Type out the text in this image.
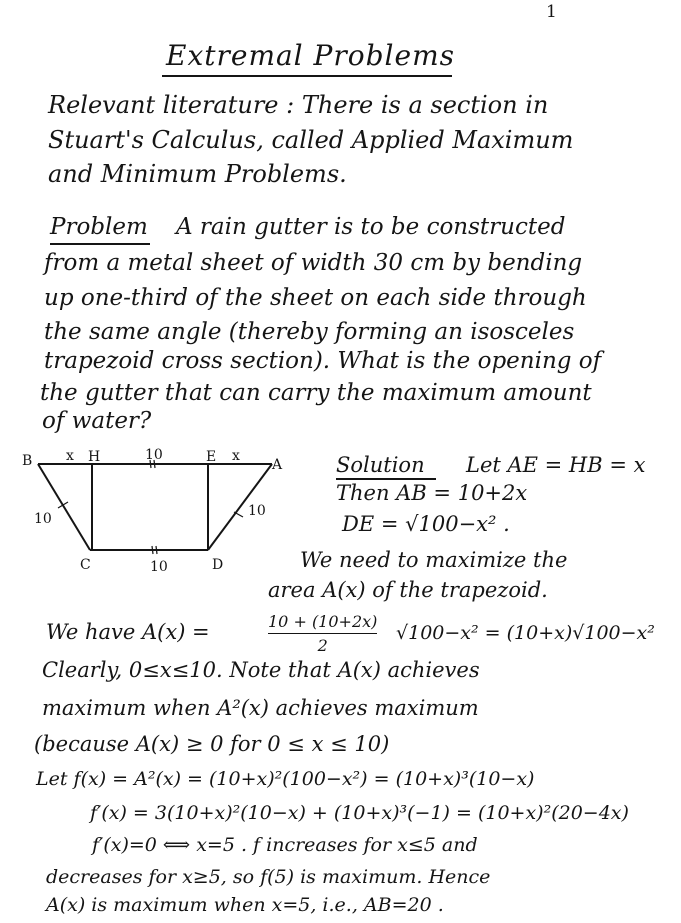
1
Extremal Problems
Relevant literature : There is a section in
Stuart's Calculus, called Applied Maximum
and Minimum Problems.
Problem A rain gutter is to be constructed
from a metal sheet of width 30 cm by bending
up one-third of the sheet on each side through
the same angle (thereby forming an isosceles
trapezoid cross section). What is the opening of
the gutter that can carry the maximum amount
of water?
B x H	10	E x
A
10	10
C	10	D
Solution Let AE = HB = x
Then AB = 10+2x
DE = √100−x² .
We need to maximize the
area A(x) of the trapezoid.
We have A(x) =	10 + (10+2x)
2
√100−x² = (10+x)√100−x²
Clearly, 0≤x≤10. Note that A(x) achieves
maximum when A²(x) achieves maximum
(because A(x) ≥ 0 for 0 ≤ x ≤ 10)
Let f(x) = A²(x) = (10+x)²(100−x²) = (10+x)³(10−x)
f′(x) = 3(10+x)²(10−x) + (10+x)³(−1) = (10+x)²(20−4x)
f′(x)=0 ⟺ x=5 . f increases for x≤5 and
decreases for x≥5, so f(5) is maximum. Hence
A(x) is maximum when x=5, i.e., AB=20 .
